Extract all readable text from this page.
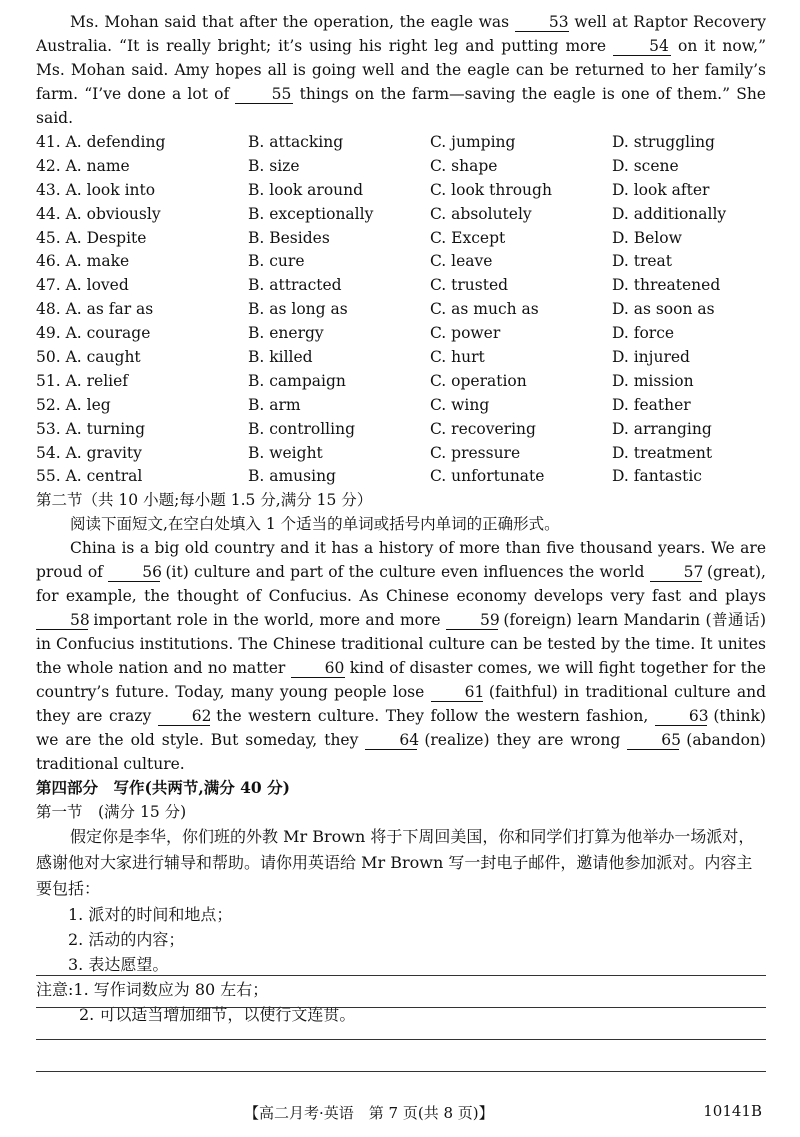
Ms. Mohan said that after the operation, the eagle was	53 well at Raptor Recovery Australia. “It is really bright; it’s using his right leg and putting more	54 on it now,” Ms. Mohan said. Amy hopes all is going well and the eagle can be returned to her family’s farm. “I’ve done a lot of	55 things on the farm—saving the eagle is one of them.” She said.

41. A. defending	B. attacking	C. jumping	D. struggling
42. A. name	B. size	C. shape	D. scene
43. A. look into	B. look around	C. look through	D. look after
44. A. obviously	B. exceptionally	C. absolutely	D. additionally
45. A. Despite	B. Besides	C. Except	D. Below
46. A. make	B. cure	C. leave	D. treat
47. A. loved	B. attracted	C. trusted	D. threatened
48. A. as far as	B. as long as	C. as much as	D. as soon as
49. A. courage	B. energy	C. power	D. force
50. A. caught	B. killed	C. hurt	D. injured
51. A. relief	B. campaign	C. operation	D. mission
52. A. leg	B. arm	C. wing	D. feather
53. A. turning	B. controlling	C. recovering	D. arranging
54. A. gravity	B. weight	C. pressure	D. treatment
55. A. central	B. amusing	C. unfortunate	D. fantastic

第二节（共 10 小题;每小题 1.5 分,满分 15 分）

阅读下面短文,在空白处填入 1 个适当的单词或括号内单词的正确形式。

China is a big old country and it has a history of more than five thousand years. We are proud of	56 (it) culture and part of the culture even influences the world	57 (great), for example, the thought of Confucius. As Chinese economy develops very fast and plays 58 important role in the world, more and more	59 (foreign) learn Mandarin (普通话) in Confucius institutions. The Chinese traditional culture can be tested by the time. It unites the whole nation and no matter	60 kind of disaster comes, we will fight together for the country’s future. Today, many young people lose	61 (faithful) in traditional culture and they are crazy	62 the western culture. They follow the western fashion,	63 (think) we are the old style. But someday, they	64 (realize) they are wrong	65 (abandon) traditional culture.

第四部分　写作(共两节,满分 40 分)

第一节　(满分 15 分)

假定你是李华，你们班的外教 Mr Brown 将于下周回美国，你和同学们打算为他举办一场派对，感谢他对大家进行辅导和帮助。请你用英语给 Mr Brown 写一封电子邮件，邀请他参加派对。内容主要包括：

1. 派对的时间和地点；

2. 活动的内容；

3. 表达愿望。

注意:1. 写作词数应为 80 左右；

2. 可以适当增加细节，以使行文连贯。

【高二月考·英语　第 7 页(共 8 页)】	10141B
